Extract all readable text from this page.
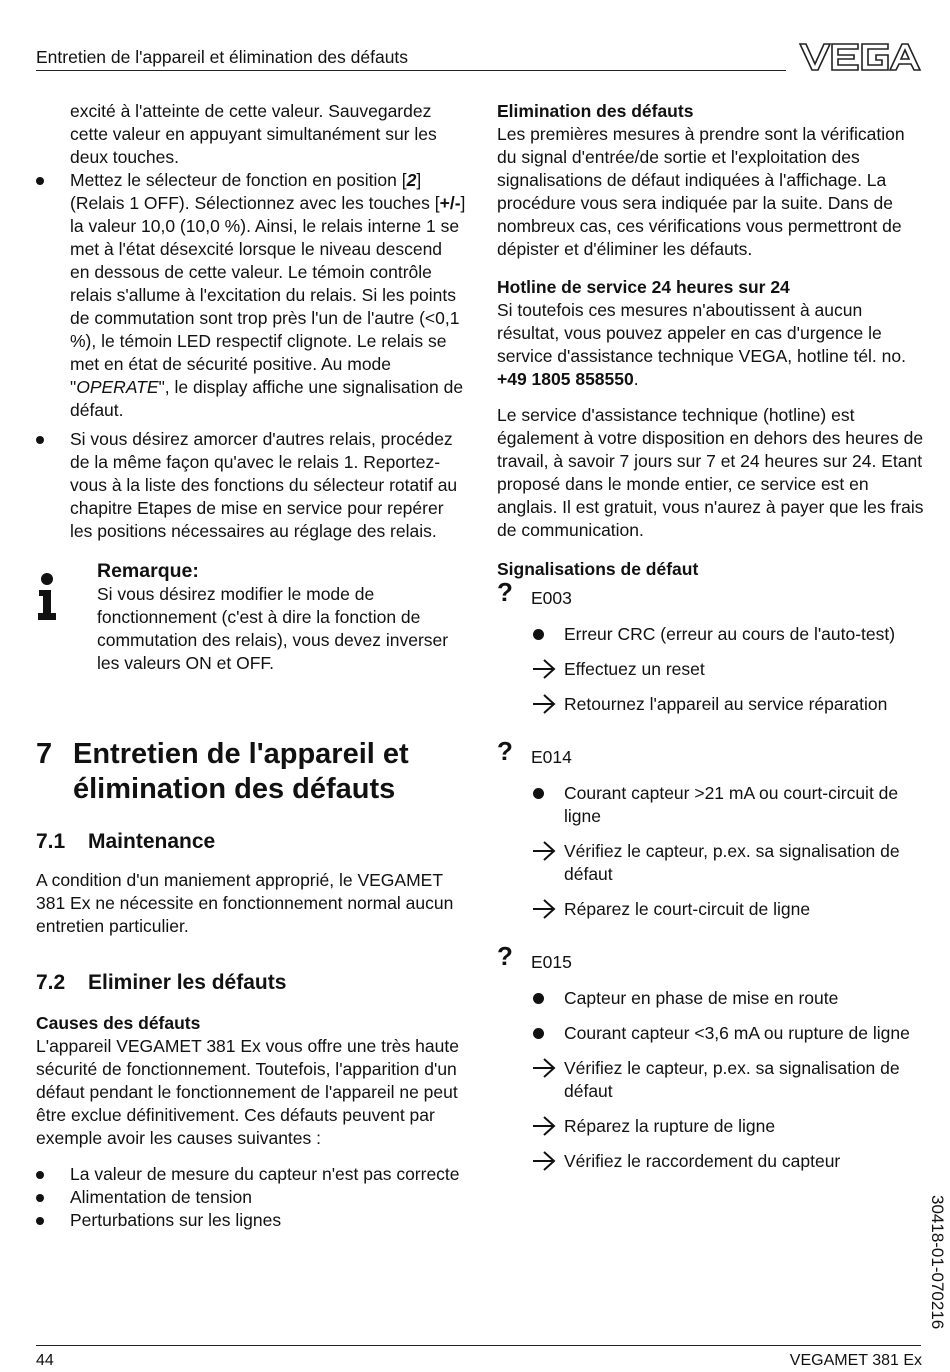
Entretien de l'appareil et élimination des défauts

excité à l'atteinte de cette valeur. Sauvegardez cette valeur en appuyant simultanément sur les deux touches.

Mettez le sélecteur de fonction en position [2] (Relais 1 OFF). Sélectionnez avec les touches [+/-] la valeur 10,0 (10,0 %). Ainsi, le relais interne 1 se met à l'état désexcité lorsque le niveau descend en dessous de cette valeur. Le témoin contrôle relais s'allume à l'excitation du relais. Si les points de commutation sont trop près l'un de l'autre (<0,1 %), le témoin LED respectif clignote. Le relais se met en état de sécurité positive. Au mode "OPERATE", le display affiche une signalisation de défaut.
Si vous désirez amorcer d'autres relais, procédez de la même façon qu'avec le relais 1. Reportez-vous à la liste des fonctions du sélecteur rotatif au chapitre Etapes de mise en service pour repérer les positions nécessaires au réglage des relais.
Remarque:

Si vous désirez modifier le mode de fonctionnement (c'est à dire la fonction de commutation des relais), vous devez inverser les valeurs ON et OFF.

7 Entretien de l'appareil et élimination des défauts
7.1 Maintenance

A condition d'un maniement approprié, le VEGAMET 381 Ex ne nécessite en fonctionnement normal aucun entretien particulier.

7.2 Eliminer les défauts

Causes des défauts

L'appareil VEGAMET 381 Ex vous offre une très haute sécurité de fonctionnement. Toutefois, l'apparition d'un défaut pendant le fonctionnement de l'appareil ne peut être exclue définitivement. Ces défauts peuvent par exemple avoir les causes suivantes :

La valeur de mesure du capteur n'est pas correcte
Alimentation de tension
Perturbations sur les lignes

Elimination des défauts

Les premières mesures à prendre sont la vérification du signal d'entrée/de sortie et l'exploitation des signalisations de défaut indiquées à l'affichage. La procédure vous sera indiquée par la suite. Dans de nombreux cas, ces vérifications vous permettront de dépister et d'éliminer les défauts.

Hotline de service 24 heures sur 24

Si toutefois ces mesures n'aboutissent à aucun résultat, vous pouvez appeler en cas d'urgence le service d'assistance technique VEGA, hotline tél. no. +49 1805 858550.

Le service d'assistance technique (hotline) est également à votre disposition en dehors des heures de travail, à savoir 7 jours sur 7 et 24 heures sur 24. Etant proposé dans le monde entier, ce service est en anglais. Il est gratuit, vous n'aurez à payer que les frais de communication.

Signalisations de défaut

? E003
Erreur CRC (erreur au cours de l'auto-test)
Effectuez un reset
Retournez l'appareil au service réparation
? E014
Courant capteur >21 mA ou court-circuit de ligne
Vérifiez le capteur, p.ex. sa signalisation de défaut
Réparez le court-circuit de ligne
? E015
Capteur en phase de mise en route
Courant capteur <3,6 mA ou rupture de ligne
Vérifiez le capteur, p.ex. sa signalisation de défaut
Réparez la rupture de ligne
Vérifiez le raccordement du capteur
30418-01-070216
44	VEGAMET 381 Ex
